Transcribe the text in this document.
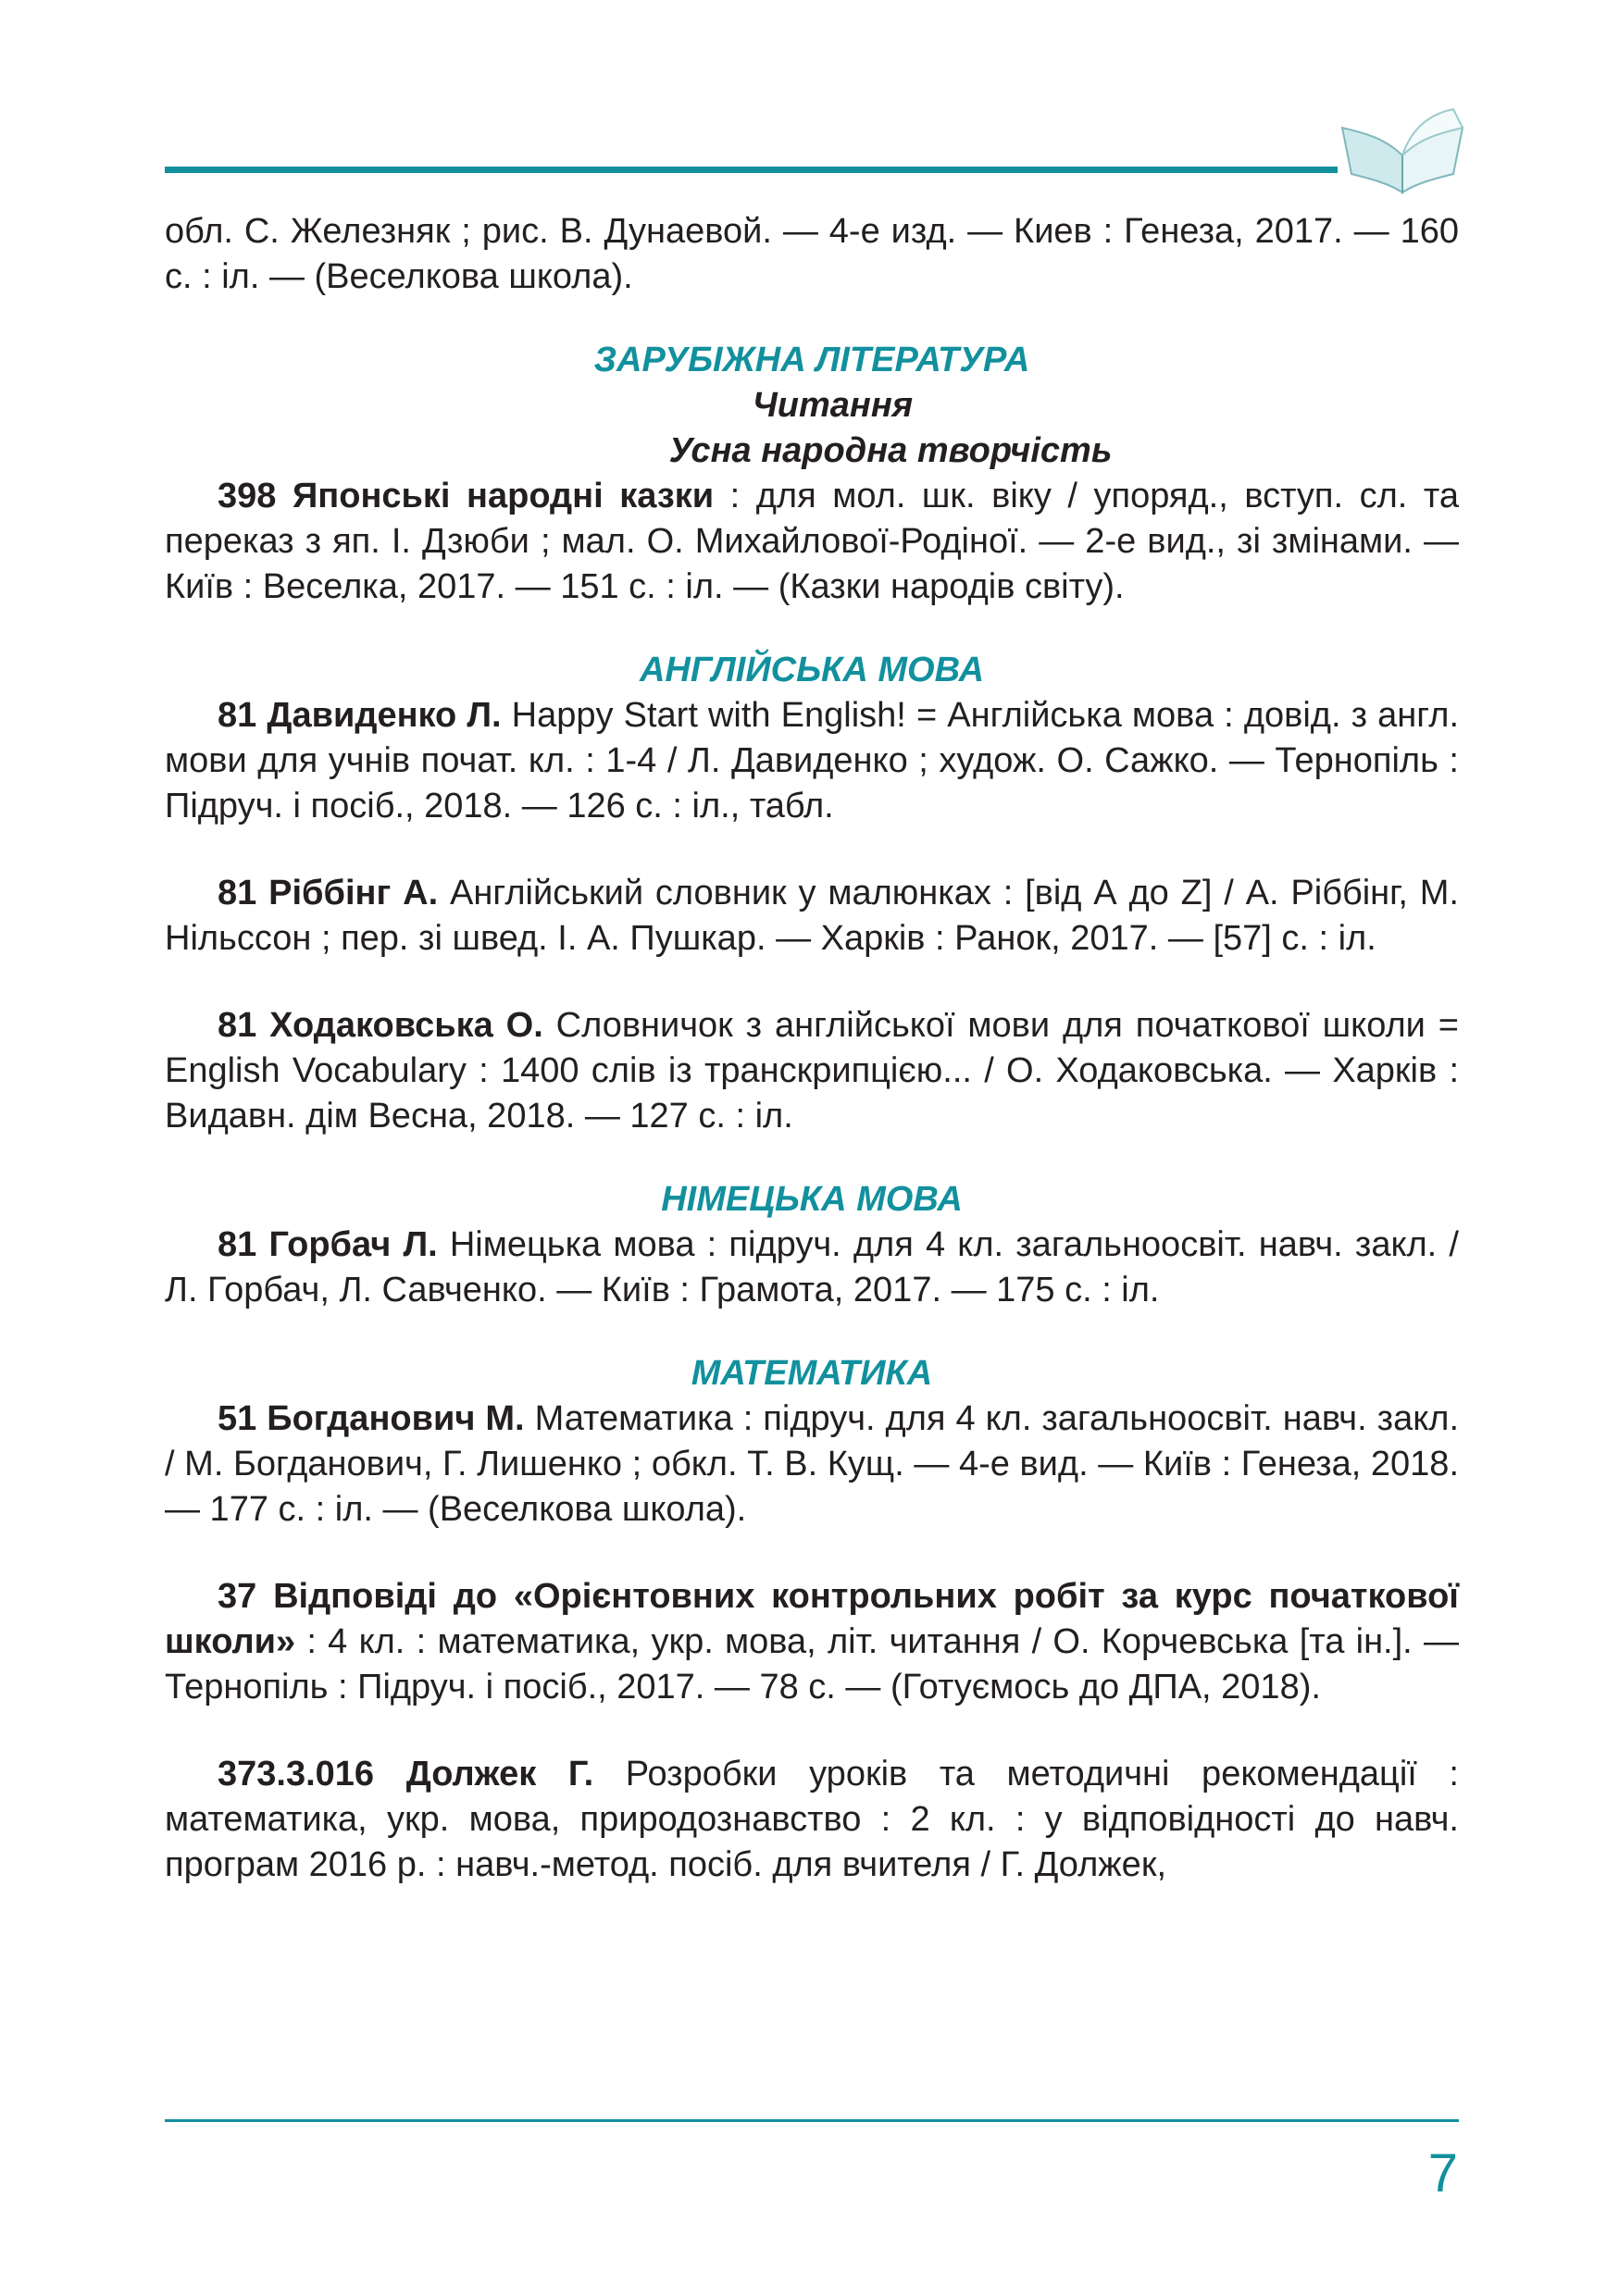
обл. С. Железняк ; рис. В. Дунаевой. — 4-е изд. — Киев : Генеза, 2017. — 160 с. : іл. — (Веселкова школа).

ЗАРУБІЖНА ЛІТЕРАТУРА

Читання

Усна народна творчість

398 Японські народні казки : для мол. шк. віку / упоряд., вступ. сл. та переказ з яп. І. Дзюби ; мал. О. Михайлової-Родіної. — 2-е вид., зі змінами. — Київ : Веселка, 2017. — 151 с. : іл. — (Казки народів світу).

АНГЛІЙСЬКА МОВА

81 Давиденко Л. Happy Start with English! = Англійська мова : довід. з англ. мови для учнів почат. кл. : 1-4 / Л. Давиденко ; худож. О. Сажко. — Тернопіль : Підруч. і посіб., 2018. — 126 с. : іл., табл.

81 Ріббінг А. Англійський словник у малюнках : [від А до Z] / А. Ріббінг, М. Нільссон ; пер. зі швед. І. А. Пушкар. — Харків : Ранок, 2017. — [57] с. : іл.

81 Ходаковська О. Словничок з англійської мови для початкової школи = English Vocabulary : 1400 слів із транскрипцією... / О. Ходаковська. — Харків : Видавн. дім Весна, 2018. — 127 с. : іл.

НІМЕЦЬКА МОВА

81 Горбач Л. Німецька мова : підруч. для 4 кл. загальноосвіт. навч. закл. / Л. Горбач, Л. Савченко. — Київ : Грамота, 2017. — 175 с. : іл.

МАТЕМАТИКА

51 Богданович М. Математика : підруч. для 4 кл. загальноосвіт. навч. закл. / М. Богданович, Г. Лишенко ; обкл. Т. В. Кущ. — 4-е вид. — Київ : Генеза, 2018. — 177 с. : іл. — (Веселкова школа).

37 Відповіді до «Орієнтовних контрольних робіт за курс початкової школи» : 4 кл. : математика, укр. мова, літ. читання / О. Корчевська [та ін.]. — Тернопіль : Підруч. і посіб., 2017. — 78 с. — (Готуємось до ДПА, 2018).

373.3.016 Должек Г. Розробки уроків та методичні рекомендації : математика, укр. мова, природознавство : 2 кл. : у відповідності до навч. програм 2016 р. : навч.-метод. посіб. для вчителя / Г. Должек,

7
